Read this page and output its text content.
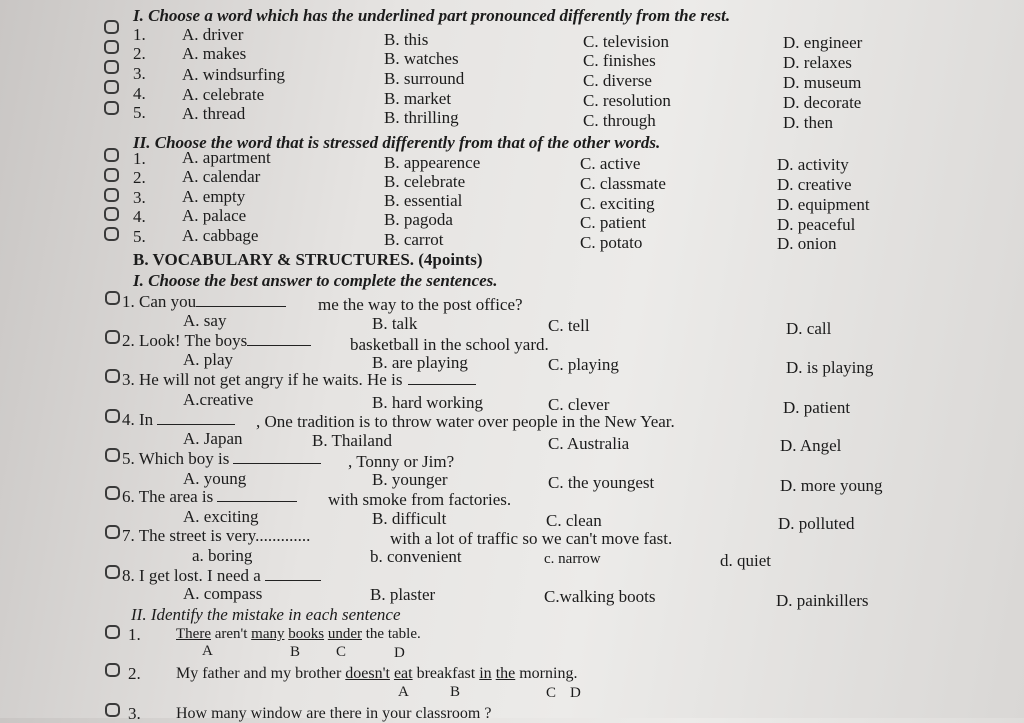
I. Choose a word which has the underlined part pronounced differently from the rest.
1. A. driver	B. this	C. television	D. engineer
2. A. makes	B. watches	C. finishes	D. relaxes
3. A. windsurfing	B. surround	C. diverse	D. museum
4. A. celebrate	B. market	C. resolution	D. decorate
5. A. thread	B. thrilling	C. through	D. then
II. Choose the word that is stressed differently from that of the other words.
1. A. apartment	B. appearence	C. active	D. activity
2. A. calendar	B. celebrate	C. classmate	D. creative
3. A. empty	B. essential	C. exciting	D. equipment
4. A. palace	B. pagoda	C. patient	D. peaceful
5. A. cabbage	B. carrot	C. potato	D. onion
B. VOCABULARY & STRUCTURES. (4points)
I. Choose the best answer to complete the sentences.
1. Can you	me the way to the post office?
A. say	B. talk	C. tell	D. call
2. Look! The boys	basketball in the school yard.
A. play	B. are playing	C. playing	D. is playing
3. He will not get angry if he waits. He is
A.creative	B. hard working	C. clever	D. patient
4. In	, One tradition is to throw water over people in the New Year.
A. Japan	B. Thailand	C. Australia	D. Angel
5. Which boy is	, Tonny or Jim?
A. young	B. younger	C. the youngest	D. more young
6. The area is	with smoke from factories.
A. exciting	B. difficult	C. clean	D. polluted
7. The street is very.............	with a lot of traffic so we can't move fast.
a. boring	b. convenient	c. narrow	d. quiet
8. I get lost. I need a
A. compass	B. plaster	C.walking boots	D. painkillers
II. Identify the mistake in each sentence
1. There aren't many books under the table.
A	B C	D
2. My father and my brother doesn't eat breakfast in the morning.
A	B	C D
3. How many window are there in your classroom ?
